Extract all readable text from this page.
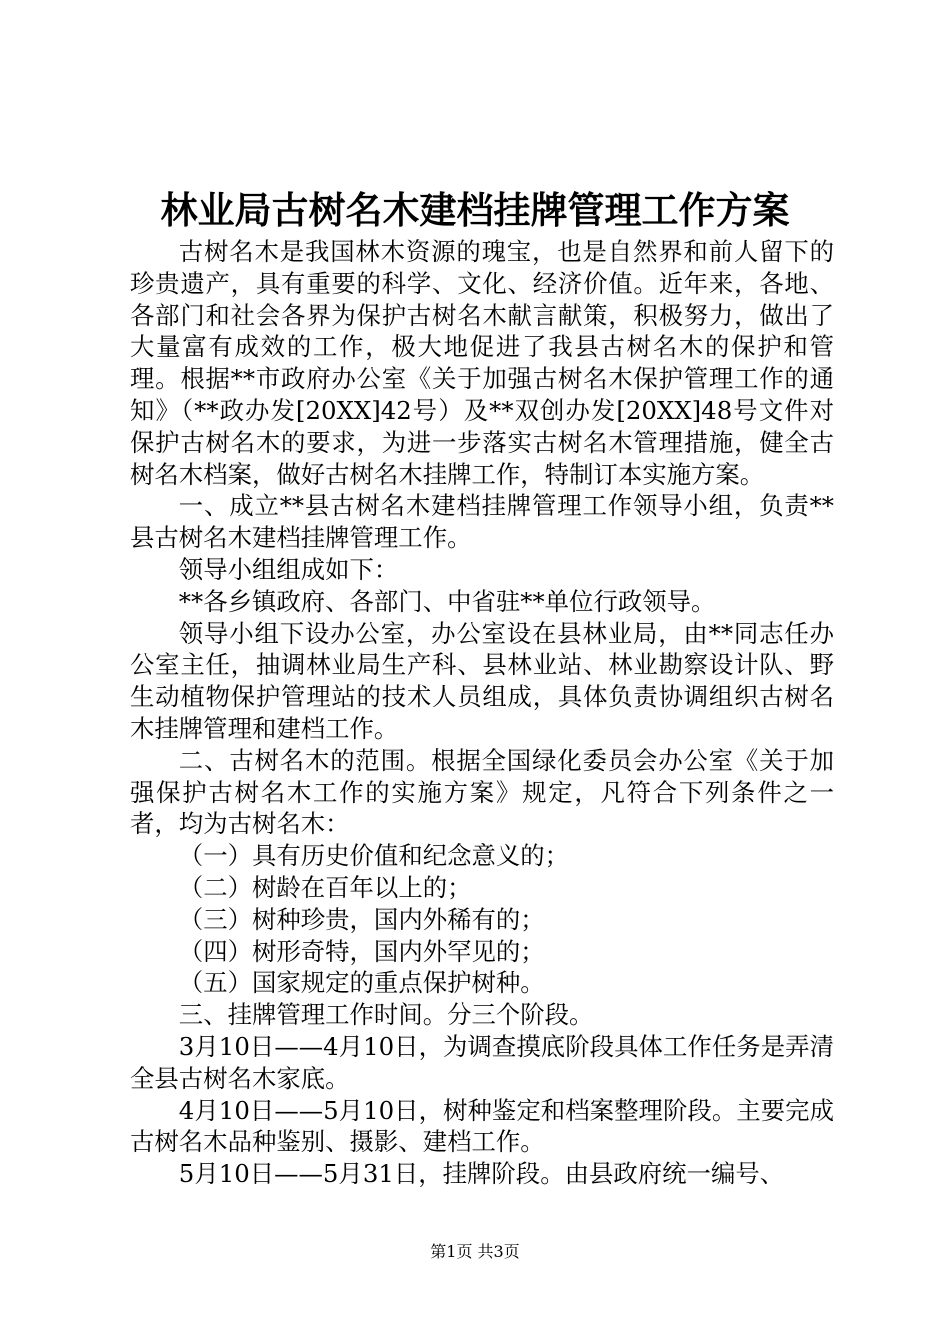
林业局古树名木建档挂牌管理工作方案

古树名木是我国林木资源的瑰宝，也是自然界和前人留下的珍贵遗产，具有重要的科学、文化、经济价值。近年来，各地、各部门和社会各界为保护古树名木献言献策，积极努力，做出了大量富有成效的工作，极大地促进了我县古树名木的保护和管理。根据**市政府办公室《关于加强古树名木保护管理工作的通知》（**政办发[20XX]42号）及**双创办发[20XX]48号文件对保护古树名木的要求，为进一步落实古树名木管理措施，健全古树名木档案，做好古树名木挂牌工作，特制订本实施方案。

一、成立**县古树名木建档挂牌管理工作领导小组，负责**县古树名木建档挂牌管理工作。

领导小组组成如下：

**各乡镇政府、各部门、中省驻**单位行政领导。

领导小组下设办公室，办公室设在县林业局，由**同志任办公室主任，抽调林业局生产科、县林业站、林业勘察设计队、野生动植物保护管理站的技术人员组成，具体负责协调组织古树名木挂牌管理和建档工作。

二、古树名木的范围。根据全国绿化委员会办公室《关于加强保护古树名木工作的实施方案》规定，凡符合下列条件之一者，均为古树名木：

（一）具有历史价值和纪念意义的；

（二）树龄在百年以上的；

（三）树种珍贵，国内外稀有的；

（四）树形奇特，国内外罕见的；

（五）国家规定的重点保护树种。

三、挂牌管理工作时间。分三个阶段。

3月10日——4月10日，为调查摸底阶段具体工作任务是弄清全县古树名木家底。

4月10日——5月10日，树种鉴定和档案整理阶段。主要完成古树名木品种鉴别、摄影、建档工作。

5月10日——5月31日，挂牌阶段。由县政府统一编号、

第1页 共3页
